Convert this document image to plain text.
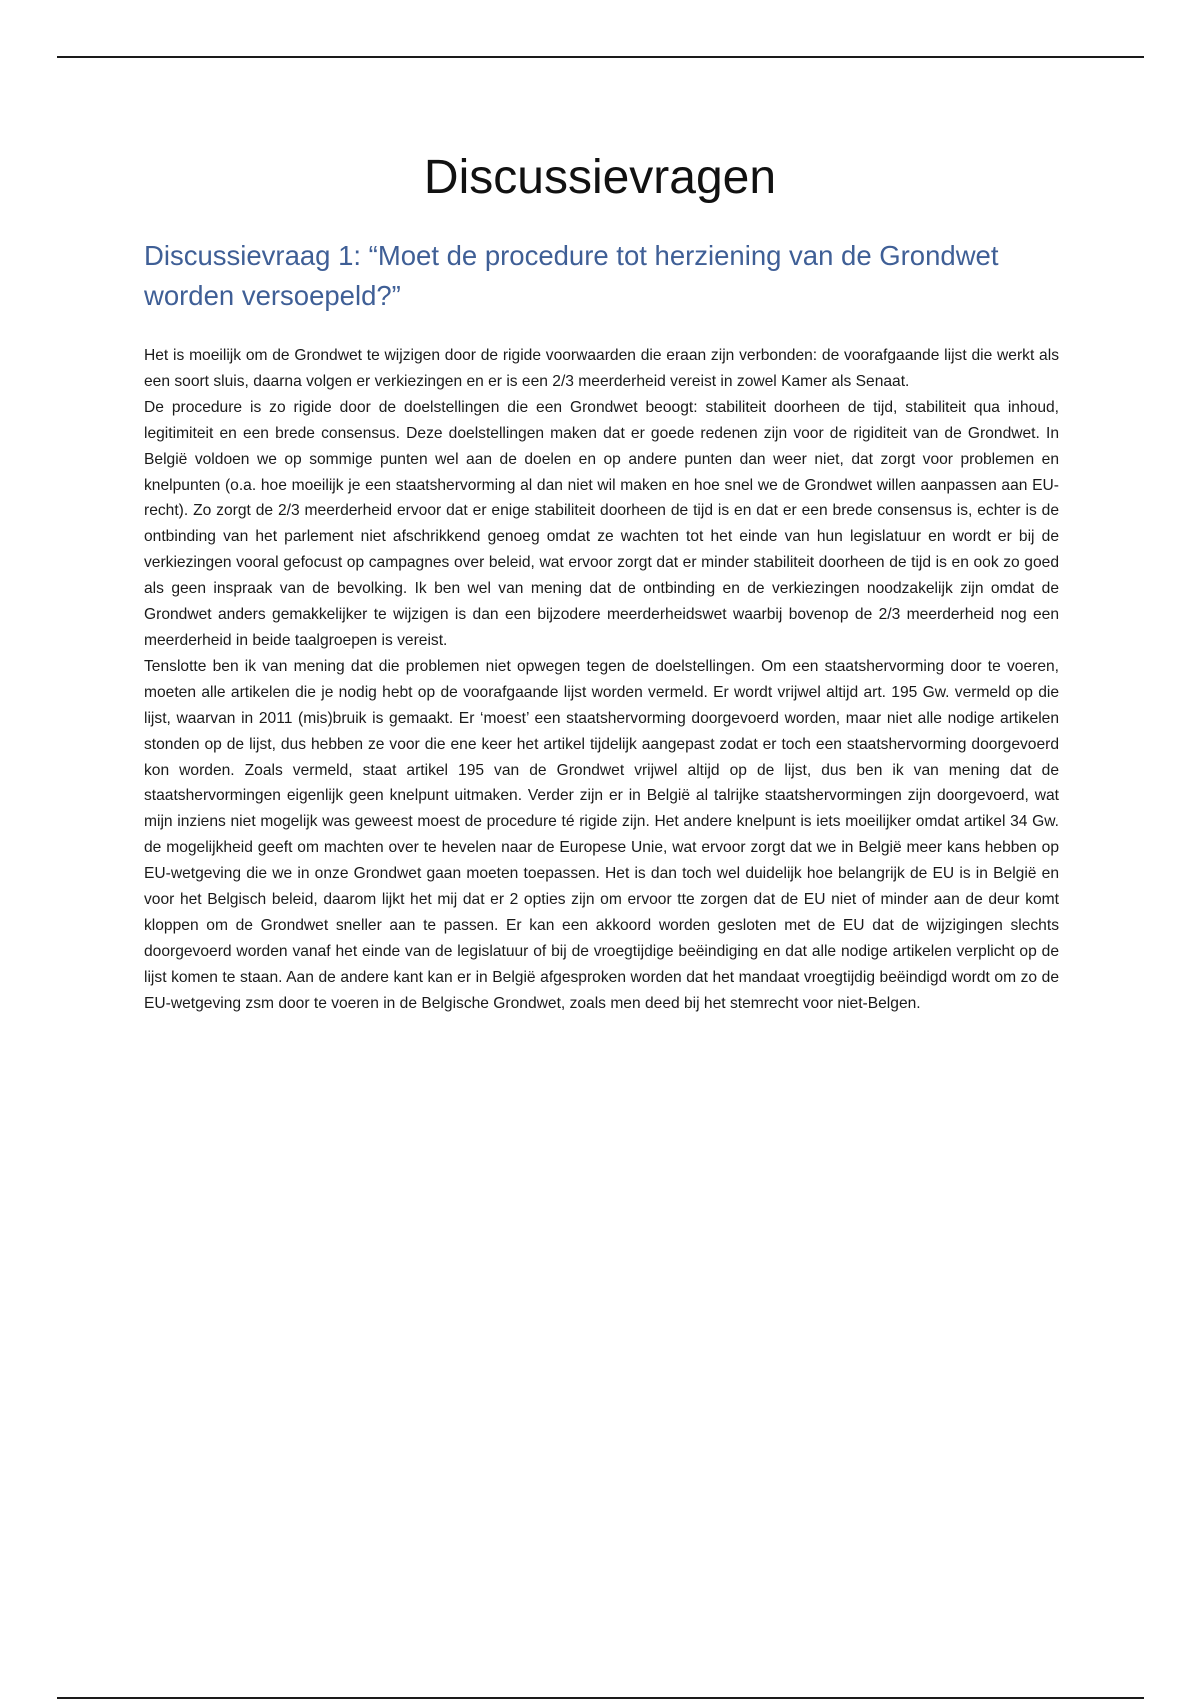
Discussievragen
Discussievraag 1: “Moet de procedure tot herziening van de Grondwet worden versoepeld?”

Het is moeilijk om de Grondwet te wijzigen door de rigide voorwaarden die eraan zijn verbonden: de voorafgaande lijst die werkt als een soort sluis, daarna volgen er verkiezingen en er is een 2/3 meerderheid vereist in zowel Kamer als Senaat.

De procedure is zo rigide door de doelstellingen die een Grondwet beoogt: stabiliteit doorheen de tijd, stabiliteit qua inhoud, legitimiteit en een brede consensus. Deze doelstellingen maken dat er goede redenen zijn voor de rigiditeit van de Grondwet. In België voldoen we op sommige punten wel aan de doelen en op andere punten dan weer niet, dat zorgt voor problemen en knelpunten (o.a. hoe moeilijk je een staatshervorming al dan niet wil maken en hoe snel we de Grondwet willen aanpassen aan EU-recht). Zo zorgt de 2/3 meerderheid ervoor dat er enige stabiliteit doorheen de tijd is en dat er een brede consensus is, echter is de ontbinding van het parlement niet afschrikkend genoeg omdat ze wachten tot het einde van hun legislatuur en wordt er bij de verkiezingen vooral gefocust op campagnes over beleid, wat ervoor zorgt dat er minder stabiliteit doorheen de tijd is en ook zo goed als geen inspraak van de bevolking. Ik ben wel van mening dat de ontbinding en de verkiezingen noodzakelijk zijn omdat de Grondwet anders gemakkelijker te wijzigen is dan een bijzodere meerderheidswet waarbij bovenop de 2/3 meerderheid nog een meerderheid in beide taalgroepen is vereist.

Tenslotte ben ik van mening dat die problemen niet opwegen tegen de doelstellingen. Om een staatshervorming door te voeren, moeten alle artikelen die je nodig hebt op de voorafgaande lijst worden vermeld. Er wordt vrijwel altijd art. 195 Gw. vermeld op die lijst, waarvan in 2011 (mis)bruik is gemaakt. Er ‘moest’ een staatshervorming doorgevoerd worden, maar niet alle nodige artikelen stonden op de lijst, dus hebben ze voor die ene keer het artikel tijdelijk aangepast zodat er toch een staatshervorming doorgevoerd kon worden. Zoals vermeld, staat artikel 195 van de Grondwet vrijwel altijd op de lijst, dus ben ik van mening dat de staatshervormingen eigenlijk geen knelpunt uitmaken. Verder zijn er in België al talrijke staatshervormingen zijn doorgevoerd, wat mijn inziens niet mogelijk was geweest moest de procedure té rigide zijn. Het andere knelpunt is iets moeilijker omdat artikel 34 Gw. de mogelijkheid geeft om machten over te hevelen naar de Europese Unie, wat ervoor zorgt dat we in België meer kans hebben op EU-wetgeving die we in onze Grondwet gaan moeten toepassen. Het is dan toch wel duidelijk hoe belangrijk de EU is in België en voor het Belgisch beleid, daarom lijkt het mij dat er 2 opties zijn om ervoor tte zorgen dat de EU niet of minder aan de deur komt kloppen om de Grondwet sneller aan te passen. Er kan een akkoord worden gesloten met de EU dat de wijzigingen slechts doorgevoerd worden vanaf het einde van de legislatuur of bij de vroegtijdige beëindiging en dat alle nodige artikelen verplicht op de lijst komen te staan. Aan de andere kant kan er in België afgesproken worden dat het mandaat vroegtijdig beëindigd wordt om zo de EU-wetgeving zsm door te voeren in de Belgische Grondwet, zoals men deed bij het stemrecht voor niet-Belgen.
